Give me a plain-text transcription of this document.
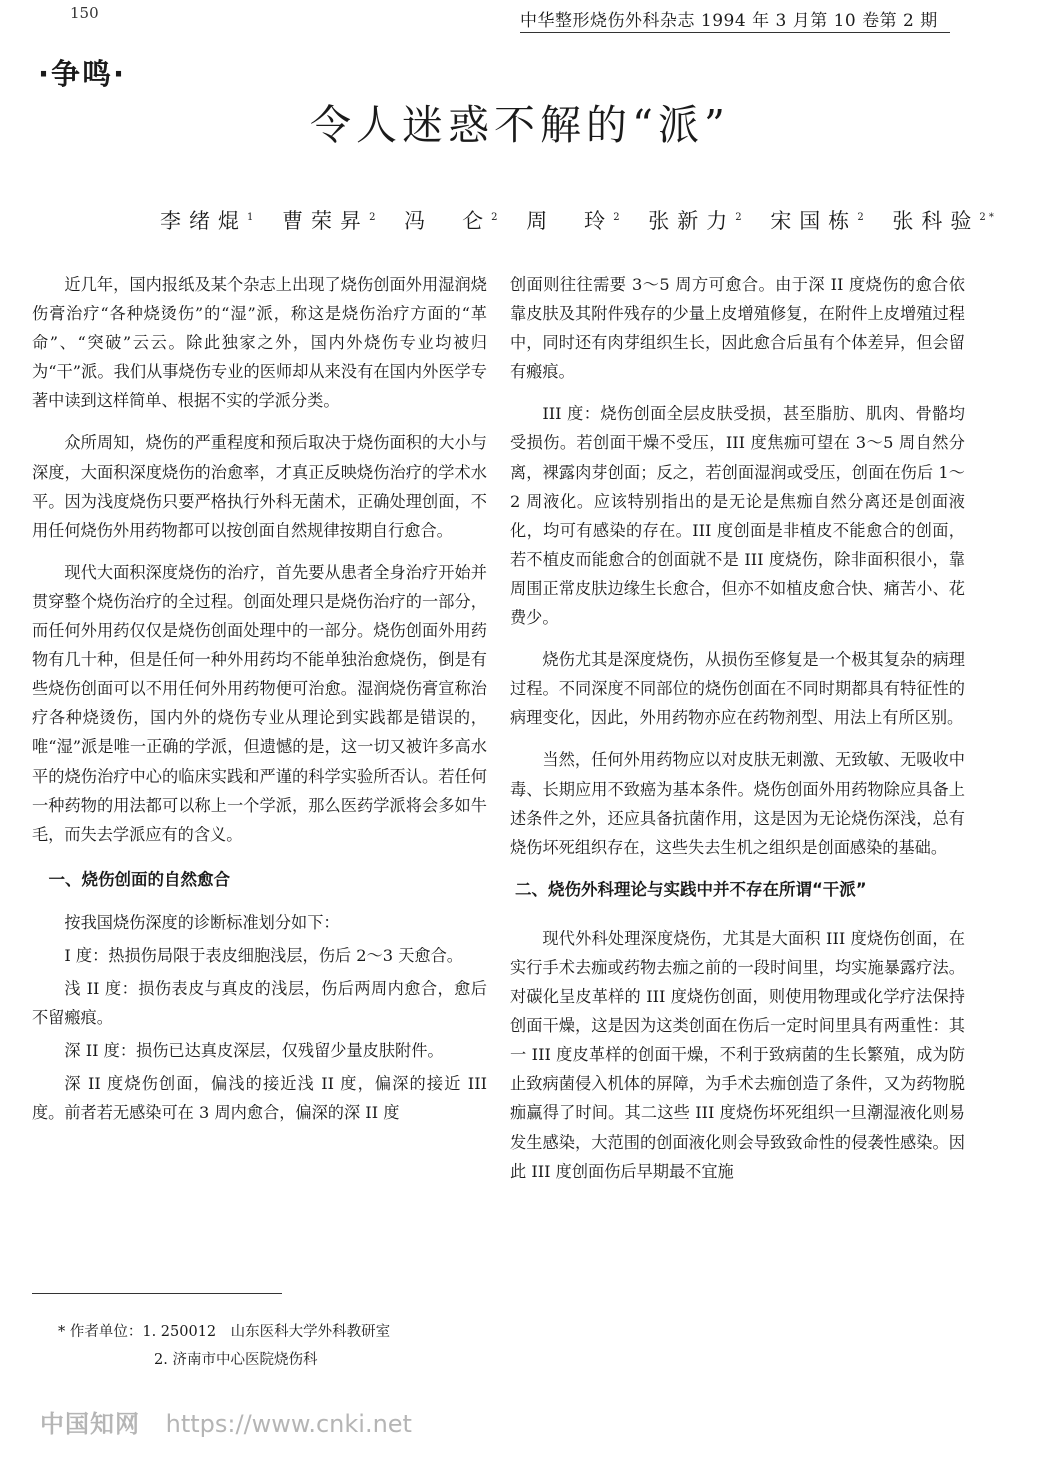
150	中华整形烧伤外科杂志 1994 年 3 月第 10 卷第 2 期
·争鸣·
令人迷惑不解的“派”
李绪焜$^1$ 曹荣昇$^2$ 冯　仑$^2$ 周　玲$^2$ 张新力$^2$ 宋国栋$^2$ 张科验$^{2 *}$

近几年，国内报纸及某个杂志上出现了烧伤创面外用湿润烧伤膏治疗“各种烧烫伤”的“湿”派，称这是烧伤治疗方面的“革命”、“突破”云云。除此独家之外，国内外烧伤专业均被归为“干”派。我们从事烧伤专业的医师却从来没有在国内外医学专著中读到这样简单、根据不实的学派分类。

众所周知，烧伤的严重程度和预后取决于烧伤面积的大小与深度，大面积深度烧伤的治愈率，才真正反映烧伤治疗的学术水平。因为浅度烧伤只要严格执行外科无菌术，正确处理创面，不用任何烧伤外用药物都可以按创面自然规律按期自行愈合。

现代大面积深度烧伤的治疗，首先要从患者全身治疗开始并贯穿整个烧伤治疗的全过程。创面处理只是烧伤治疗的一部分，而任何外用药仅仅是烧伤创面处理中的一部分。烧伤创面外用药物有几十种，但是任何一种外用药均不能单独治愈烧伤，倒是有些烧伤创面可以不用任何外用药物便可治愈。湿润烧伤膏宣称治疗各种烧烫伤，国内外的烧伤专业从理论到实践都是错误的，唯“湿”派是唯一正确的学派，但遗憾的是，这一切又被许多高水平的烧伤治疗中心的临床实践和严谨的科学实验所否认。若任何一种药物的用法都可以称上一个学派，那么医药学派将会多如牛毛，而失去学派应有的含义。

一、烧伤创面的自然愈合

按我国烧伤深度的诊断标准划分如下：

I 度：热损伤局限于表皮细胞浅层，伤后 2～3 天愈合。

浅 II 度：损伤表皮与真皮的浅层，伤后两周内愈合，愈后不留瘢痕。

深 II 度：损伤已达真皮深层，仅残留少量皮肤附件。

深 II 度烧伤创面，偏浅的接近浅 II 度，偏深的接近 III 度。前者若无感染可在 3 周内愈合，偏深的深 II 度

创面则往往需要 3～5 周方可愈合。由于深 II 度烧伤的愈合依靠皮肤及其附件残存的少量上皮增殖修复，在附件上皮增殖过程中，同时还有肉芽组织生长，因此愈合后虽有个体差异，但会留有瘢痕。

III 度：烧伤创面全层皮肤受损，甚至脂肪、肌肉、骨骼均受损伤。若创面干燥不受压，III 度焦痂可望在 3～5 周自然分离，裸露肉芽创面；反之，若创面湿润或受压，创面在伤后 1～2 周液化。应该特别指出的是无论是焦痂自然分离还是创面液化，均可有感染的存在。III 度创面是非植皮不能愈合的创面，若不植皮而能愈合的创面就不是 III 度烧伤，除非面积很小，靠周围正常皮肤边缘生长愈合，但亦不如植皮愈合快、痛苦小、花费少。

烧伤尤其是深度烧伤，从损伤至修复是一个极其复杂的病理过程。不同深度不同部位的烧伤创面在不同时期都具有特征性的病理变化，因此，外用药物亦应在药物剂型、用法上有所区别。

当然，任何外用药物应以对皮肤无刺激、无致敏、无吸收中毒、长期应用不致癌为基本条件。烧伤创面外用药物除应具备上述条件之外，还应具备抗菌作用，这是因为无论烧伤深浅，总有烧伤坏死组织存在，这些失去生机之组织是创面感染的基础。

二、烧伤外科理论与实践中并不存在所谓“干派”

现代外科处理深度烧伤，尤其是大面积 III 度烧伤创面，在实行手术去痂或药物去痂之前的一段时间里，均实施暴露疗法。对碳化呈皮革样的 III 度烧伤创面，则使用物理或化学疗法保持创面干燥，这是因为这类创面在伤后一定时间里具有两重性：其一 III 度皮革样的创面干燥，不利于致病菌的生长繁殖，成为防止致病菌侵入机体的屏障，为手术去痂创造了条件，又为药物脱痂赢得了时间。其二这些 III 度烧伤坏死组织一旦潮湿液化则易发生感染，大范围的创面液化则会导致致命性的侵袭性感染。因此 III 度创面伤后早期最不宜施

* 作者单位：1. 250012　山东医科大学外科教研室
2. 济南市中心医院烧伤科
中国知网 https://www.cnki.net
